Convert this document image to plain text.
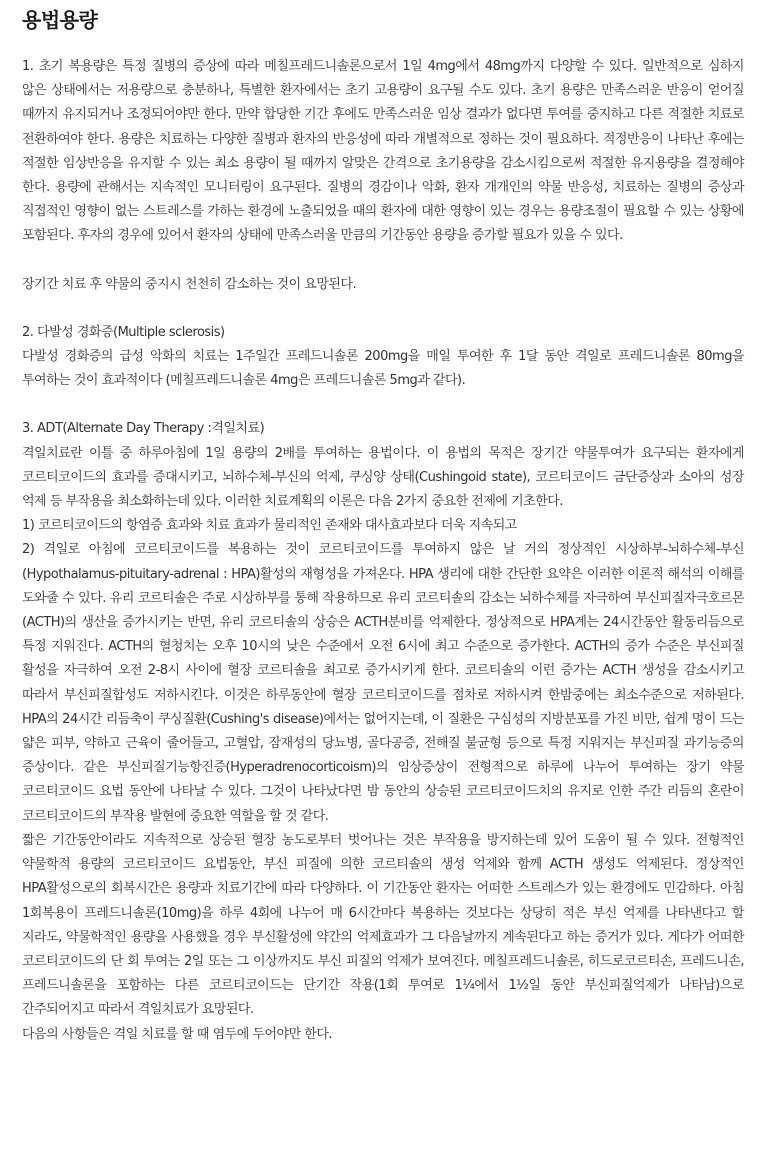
용법용량

1. 초기 복용량은 특정 질병의 증상에 따라 메칠프레드니솔론으로서 1일 4mg에서 48mg까지 다양할 수 있다. 일반적으로 심하지 않은 상태에서는 저용량으로 충분하나, 특별한 환자에서는 초기 고용량이 요구될 수도 있다. 초기 용량은 만족스러운 반응이 얻어질 때까지 유지되거나 조정되어야만 한다. 만약 합당한 기간 후에도 만족스러운 임상 결과가 없다면 투여를 중지하고 다른 적절한 치료로 전환하여야 한다. 용량은 치료하는 다양한 질병과 환자의 반응성에 따라 개별적으로 정하는 것이 필요하다. 적정반응이 나타난 후에는 적절한 임상반응을 유지할 수 있는 최소 용량이 될 때까지 알맞은 간격으로 초기용량을 감소시킴으로써 적절한 유지용량을 결정해야 한다. 용량에 관해서는 지속적인 모니터링이 요구된다. 질병의 경감이나 악화, 환자 개개인의 약물 반응성, 치료하는 질병의 증상과 직접적인 영향이 없는 스트레스를 가하는 환경에 노출되었을 때의 환자에 대한 영향이 있는 경우는 용량조절이 필요할 수 있는 상황에 포함된다. 후자의 경우에 있어서 환자의 상태에 만족스러울 만큼의 기간동안 용량을 증가할 필요가 있을 수 있다.

장기간 치료 후 약물의 중지시 천천히 감소하는 것이 요망된다.

2. 다발성 경화증(Multiple sclerosis)

다발성 경화증의 급성 악화의 치료는 1주일간 프레드니솔론 200mg을 매일 투여한 후 1달 동안 격일로 프레드니솔론 80mg을 투여하는 것이 효과적이다 (메칠프레드니솔론 4mg은 프레드니솔론 5mg과 같다).

3. ADT(Alternate Day Therapy :격일치료)

격일치료란 이틀 중 하루아침에 1일 용량의 2배를 투여하는 용법이다. 이 용법의 목적은 장기간 약물투여가 요구되는 환자에게 코르티코이드의 효과를 증대시키고, 뇌하수체-부신의 억제, 쿠싱양 상태(Cushingoid state), 코르티코이드 금단증상과 소아의 성장 억제 등 부작용을 최소화하는데 있다. 이러한 치료계획의 이론은 다음 2가지 중요한 전제에 기초한다.

1) 코르티코이드의 항염증 효과와 치료 효과가 물리적인 존재와 대사효과보다 더욱 지속되고

2) 격일로 아침에 코르티코이드를 복용하는 것이 코르티코이드를 투여하지 않은 날 거의 정상적인 시상하부-뇌하수체-부신(Hypothalamus-pituitary-adrenal : HPA)활성의 재형성을 가져온다. HPA 생리에 대한 간단한 요약은 이러한 이론적 해석의 이해를 도와줄 수 있다. 유리 코르티솔은 주로 시상하부를 통해 작용하므로 유리 코르티솔의 감소는 뇌하수체를 자극하여 부신피질자극호르몬(ACTH)의 생산을 증가시키는 반면, 유리 코르티솔의 상승은 ACTH분비를 억제한다. 정상적으로 HPA계는 24시간동안 활동리듬으로 특정 지워진다. ACTH의 혈청치는 오후 10시의 낮은 수준에서 오전 6시에 최고 수준으로 증가한다. ACTH의 증가 수준은 부신피질 활성을 자극하여 오전 2-8시 사이에 혈장 코르티솔을 최고로 증가시키게 한다. 코르티솔의 이런 증가는 ACTH 생성을 감소시키고 따라서 부신피질합성도 저하시킨다. 이것은 하루동안에 혈장 코르티코이드를 점차로 저하시켜 한밤중에는 최소수준으로 저하된다. HPA의 24시간 리듬축이 쿠싱질환(Cushing's disease)에서는 없어지는데, 이 질환은 구심성의 지방분포를 가진 비만, 쉽게 멍이 드는 얇은 피부, 약하고 근육이 줄어들고, 고혈압, 잠재성의 당뇨병, 골다공증, 전해질 불균형 등으로 특정 지워지는 부신피질 과기능증의 증상이다. 같은 부신피질기능항진증(Hyperadrenocorticoism)의 임상증상이 전형적으로 하루에 나누어 투여하는 장기 약물 코르티코이드 요법 동안에 나타날 수 있다. 그것이 나타났다면 밤 동안의 상승된 코르티코이드치의 유지로 인한 주간 리듬의 혼란이 코르티코이드의 부작용 발현에 중요한 역할을 할 것 같다.

짧은 기간동안이라도 지속적으로 상승된 혈장 농도로부터 벗어나는 것은 부작용을 방지하는데 있어 도움이 될 수 있다. 전형적인 약물학적 용량의 코르티코이드 요법동안, 부신 피질에 의한 코르티솔의 생성 억제와 함께 ACTH 생성도 억제된다. 정상적인 HPA활성으로의 회복시간은 용량과 치료기간에 따라 다양하다. 이 기간동안 환자는 어떠한 스트레스가 있는 환경에도 민감하다. 아침 1회복용이 프레드니솔론(10mg)을 하루 4회에 나누어 매 6시간마다 복용하는 것보다는 상당히 적은 부신 억제를 나타낸다고 할 지라도, 약물학적인 용량을 사용했을 경우 부신활성에 약간의 억제효과가 그 다음날까지 계속된다고 하는 증거가 있다. 게다가 어떠한 코르티코이드의 단 회 투여는 2일 또는 그 이상까지도 부신 피질의 억제가 보여진다. 메칠프레드니솔론, 히드로코르티손, 프레드니손, 프레드니솔론을 포함하는 다른 코르티코이드는 단기간 작용(1회 투여로 1¼에서 1½일 동안 부신피질억제가 나타남)으로 간주되어지고 따라서 격일치료가 요망된다.

다음의 사항들은 격일 치료를 할 때 염두에 두어야만 한다.
